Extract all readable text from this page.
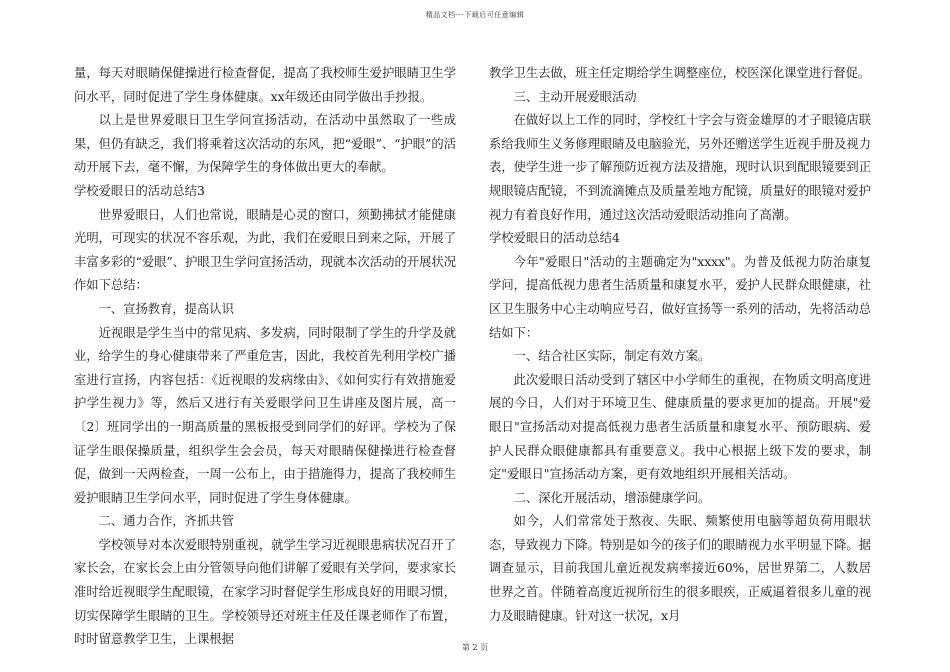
精品文档---下载后可任意编辑

量，每天对眼睛保健操进行检查督促，提高了我校师生爱护眼睛卫生学问水平，同时促进了学生身体健康。xx年级还由同学做出手抄报。

以上是世界爱眼日卫生学问宣扬活动，在活动中虽然取了一些成果，但仍有缺乏，我们将乘着这次活动的东风，把“爱眼”、“护眼”的活动开展下去，毫不懈，为保障学生的身体做出更大的奉献。

学校爱眼日的活动总结3

世界爱眼日，人们也常说，眼睛是心灵的窗口，须勤拂拭才能健康光明，可现实的状况不容乐观，为此，我们在爱眼日到来之际，开展了丰富多彩的“爱眼”、护眼卫生学问宣扬活动，现就本次活动的开展状况作如下总结：

一、宣扬教育，提高认识

近视眼是学生当中的常见病、多发病，同时限制了学生的升学及就业，给学生的身心健康带来了严重危害，因此，我校首先利用学校广播室进行宣扬，内容包括：《近视眼的发病缘由》、《如何实行有效措施爱护学生视力》等，然后又进行有关爱眼学问卫生讲座及图片展，高一〔2〕班同学出的一期高质量的黑板报受到同学们的好评。学校为了保证学生眼保操质量，组织学生会会员，每天对眼睛保健操进行检查督促，做到一天两检查，一周一公布上，由于措施得力，提高了我校师生爱护眼睛卫生学问水平，同时促进了学生身体健康。

二、通力合作，齐抓共管

学校领导对本次爱眼特别重视，就学生学习近视眼患病状况召开了家长会，在家长会上由分管领导向他们讲解了爱眼有关学问，要求家长准时给近视眼学生配眼镜，在家学习时督促学生形成良好的用眼习惯，切实保障学生眼睛的卫生。学校领导还对班主任及任课老师作了布置，时时留意教学卫生，上课根据

教学卫生去做，班主任定期给学生调整座位，校医深化课堂进行督促。

三、主动开展爱眼活动

在做好以上工作的同时，学校红十字会与资金雄厚的才子眼镜店联系给我师生义务修理眼睛及电脑验光，另外还赠送学生近视手册及视力表，使学生进一步了解预防近视方法及措施，现时认识到配眼镜要到正规眼镜店配镜，不到流滴摊点及质量差地方配镜，质量好的眼镜对爱护视力有着良好作用，通过这次活动爱眼活动推向了高潮。

学校爱眼日的活动总结4

今年"爱眼日"活动的主题确定为"xxxx"。为普及低视力防治康复学问，提高低视力患者生活质量和康复水平，爱护人民群众眼健康，社区卫生服务中心主动响应号召，做好宣扬等一系列的活动，先将活动总结如下：

一、结合社区实际，制定有效方案。

此次爱眼日活动受到了辖区中小学师生的重视，在物质文明高度进展的今日，人们对于环境卫生、健康质量的要求更加的提高。开展"爱眼日"宣扬活动对提高低视力患者生活质量和康复水平、预防眼病、爱护人民群众眼健康都具有重要意义。我中心根据上级下发的要求，制定"爱眼日"宣扬活动方案，更有效地组织开展相关活动。

二、深化开展活动，增添健康学问。

如今，人们常常处于熬夜、失眠、频繁使用电脑等超负荷用眼状态，导致视力下降。特别是如今的孩子们的眼睛视力水平明显下降。据调查显示，目前我国儿童近视发病率接近60%，居世界第二，人数居世界之首。伴随着高度近视所衍生的很多眼疾，正威逼着很多儿童的视力及眼睛健康。针对这一状况，x月

第 2 页
